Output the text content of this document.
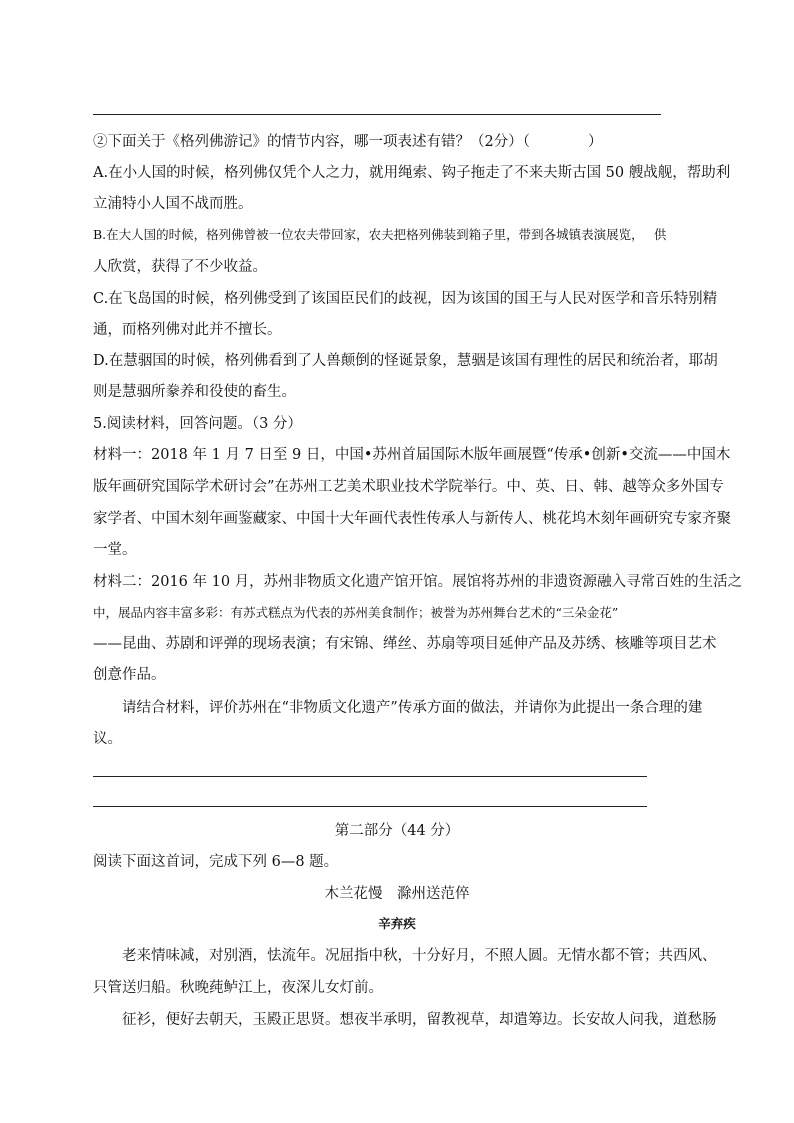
②下面关于《格列佛游记》的情节内容，哪一项表述有错？（2分）（　　　　）
A.在小人国的时候，格列佛仅凭个人之力，就用绳索、钩子拖走了不来夫斯古国 50 艘战舰，帮助利
立浦特小人国不战而胜。
B.在大人国的时候，格列佛曾被一位农夫带回家，农夫把格列佛装到箱子里，带到各城镇表演展览，　 供
人欣赏，获得了不少收益。
C.在飞岛国的时候，格列佛受到了该国臣民们的歧视，因为该国的国王与人民对医学和音乐特别精
通，而格列佛对此并不擅长。
D.在慧骃国的时候，格列佛看到了人兽颠倒的怪诞景象，慧骃是该国有理性的居民和统治者，耶胡
则是慧骃所豢养和役使的畜生。
5.阅读材料，回答问题。（3 分）
材料一：2018 年 1 月 7 日至 9 日，中国•苏州首届国际木版年画展暨“传承•创新•交流——中国木
版年画研究国际学术研讨会”在苏州工艺美术职业技术学院举行。中、英、日、韩、越等众多外国专
家学者、中国木刻年画鉴藏家、中国十大年画代表性传承人与新传人、桃花坞木刻年画研究专家齐聚
一堂。
材料二：2016 年 10 月，苏州非物质文化遗产馆开馆。展馆将苏州的非遗资源融入寻常百姓的生活之
中，展品内容丰富多彩：有苏式糕点为代表的苏州美食制作；被誉为苏州舞台艺术的“三朵金花”
——昆曲、苏剧和评弹的现场表演；有宋锦、缂丝、苏扇等项目延伸产品及苏绣、核雕等项目艺术
创意作品。
请结合材料，评价苏州在“非物质文化遗产”传承方面的做法，并请你为此提出一条合理的建
议。
第二部分（44 分）
阅读下面这首词，完成下列 6—8 题。
木兰花慢　滁州送范倅
辛弃疾
老来情味减，对别酒，怯流年。况屈指中秋，十分好月，不照人圆。无情水都不管；共西风、
只管送归船。秋晚莼鲈江上，夜深儿女灯前。
征衫，便好去朝天，玉殿正思贤。想夜半承明，留教视草，却遣筹边。长安故人问我，道愁肠
